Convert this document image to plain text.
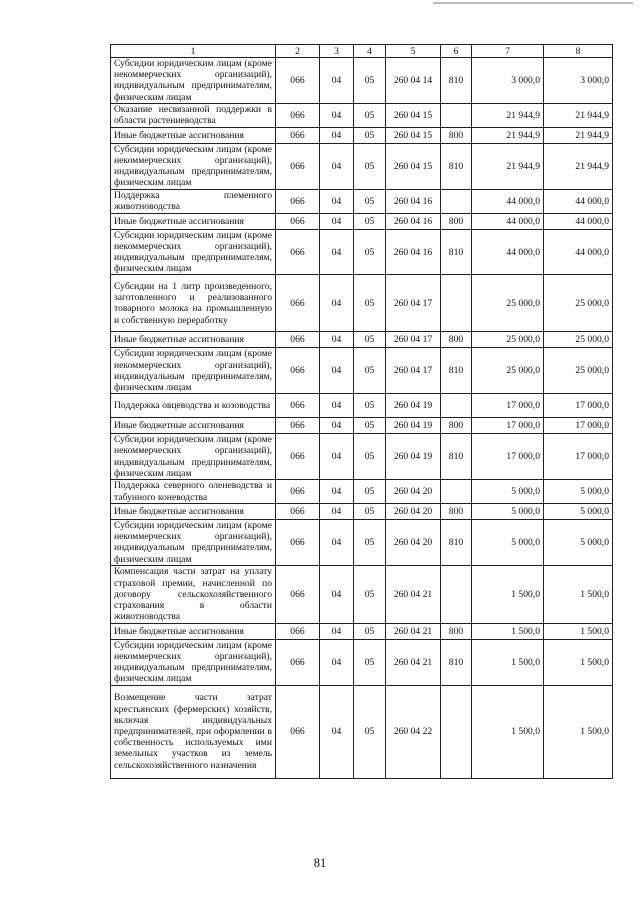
1	2	3	4	5	6	7	8
Субсидии юридическим лицам (кроме некоммерческих организаций), индивидуальным предпринимателям, физическим лицам	066	04	05	260 04 14	810	3 000,0	3 000,0
Оказание несвязанной поддержки в области растениеводства	066	04	05	260 04 15		21 944,9	21 944,9
Иные бюджетные ассигнования	066	04	05	260 04 15	800	21 944,9	21 944,9
Субсидии юридическим лицам (кроме некоммерческих организаций), индивидуальным предпринимателям, физическим лицам	066	04	05	260 04 15	810	21 944,9	21 944,9
Поддержка племенного животноводства	066	04	05	260 04 16		44 000,0	44 000,0
Иные бюджетные ассигнования	066	04	05	260 04 16	800	44 000,0	44 000,0
Субсидии юридическим лицам (кроме некоммерческих организаций), индивидуальным предпринимателям, физическим лицам	066	04	05	260 04 16	810	44 000,0	44 000,0
Субсидии на 1 литр произведенного, заготовленного и реализованного товарного молока на промышленную и собственную переработку	066	04	05	260 04 17		25 000,0	25 000,0
Иные бюджетные ассигнования	066	04	05	260 04 17	800	25 000,0	25 000,0
Субсидии юридическим лицам (кроме некоммерческих организаций), индивидуальным предпринимателям, физическим лицам	066	04	05	260 04 17	810	25 000,0	25 000,0
Поддержка овцеводства и козоводства	066	04	05	260 04 19		17 000,0	17 000,0
Иные бюджетные ассигнования	066	04	05	260 04 19	800	17 000,0	17 000,0
Субсидии юридическим лицам (кроме некоммерческих организаций), индивидуальным предпринимателям, физическим лицам	066	04	05	260 04 19	810	17 000,0	17 000,0
Поддержка северного оленеводства и табунного коневодства	066	04	05	260 04 20		5 000,0	5 000,0
Иные бюджетные ассигнования	066	04	05	260 04 20	800	5 000,0	5 000,0
Субсидии юридическим лицам (кроме некоммерческих организаций), индивидуальным предпринимателям, физическим лицам	066	04	05	260 04 20	810	5 000,0	5 000,0
Компенсация части затрат на уплату страховой премии, начисленной по договору сельскохозяйственного страхования в области животноводства	066	04	05	260 04 21		1 500,0	1 500,0
Иные бюджетные ассигнования	066	04	05	260 04 21	800	1 500,0	1 500,0
Субсидии юридическим лицам (кроме некоммерческих организаций), индивидуальным предпринимателям, физическим лицам	066	04	05	260 04 21	810	1 500,0	1 500,0
Возмещение части затрат крестьянских (фермерских) хозяйств, включая индивидуальных предпринимателей, при оформлении в собственность используемых ими земельных участков из земель сельскохозяйственного назначения	066	04	05	260 04 22		1 500,0	1 500,0
81
